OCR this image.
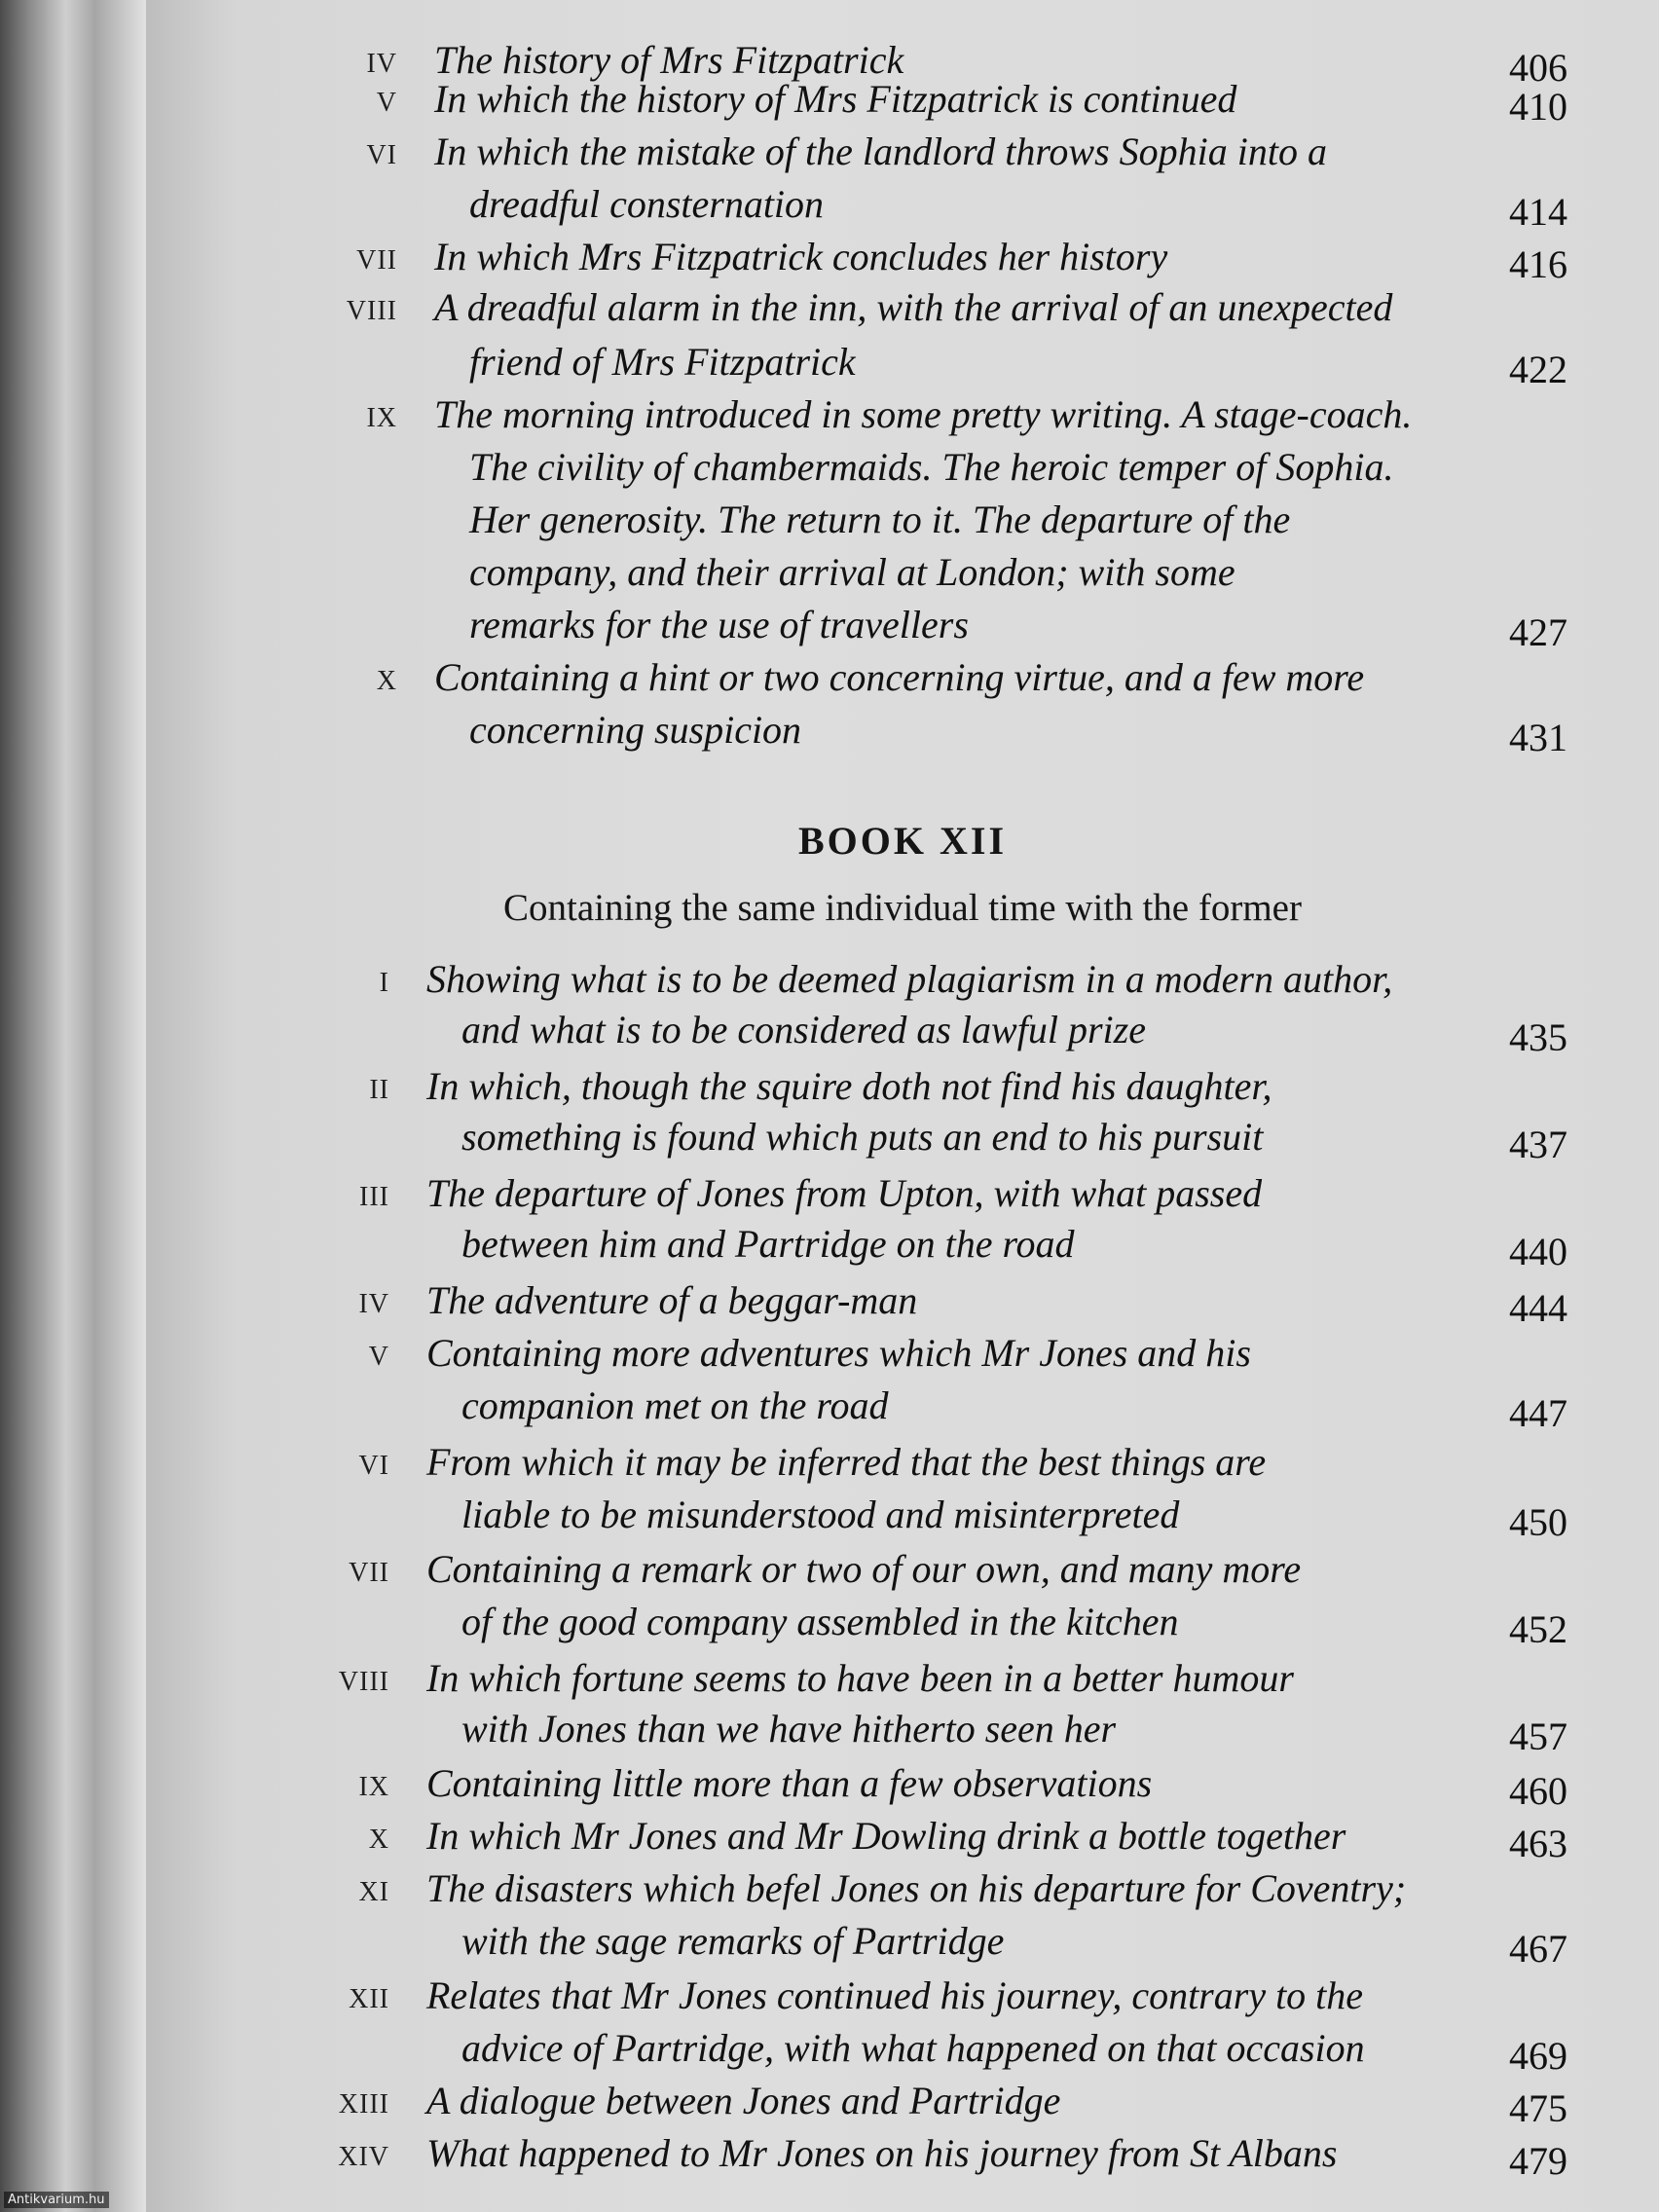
IV The history of Mrs Fitzpatrick	406
V In which the history of Mrs Fitzpatrick is continued	410
VI In which the mistake of the landlord throws Sophia into a
dreadful consternation	414
VII In which Mrs Fitzpatrick concludes her history	416
VIII A dreadful alarm in the inn, with the arrival of an unexpected
friend of Mrs Fitzpatrick	422
IX The morning introduced in some pretty writing. A stage-coach.
The civility of chambermaids. The heroic temper of Sophia.
Her generosity. The return to it. The departure of the
company, and their arrival at London; with some
remarks for the use of travellers	427
X Containing a hint or two concerning virtue, and a few more
concerning suspicion	431
I Showing what is to be deemed plagiarism in a modern author,
and what is to be considered as lawful prize	435
II In which, though the squire doth not find his daughter,
something is found which puts an end to his pursuit	437
III The departure of Jones from Upton, with what passed
between him and Partridge on the road	440
IV The adventure of a beggar-man	444
V Containing more adventures which Mr Jones and his
companion met on the road	447
VI From which it may be inferred that the best things are
liable to be misunderstood and misinterpreted	450
VII Containing a remark or two of our own, and many more
of the good company assembled in the kitchen	452
VIII In which fortune seems to have been in a better humour
with Jones than we have hitherto seen her	457
IX Containing little more than a few observations	460
X In which Mr Jones and Mr Dowling drink a bottle together	463
XI The disasters which befel Jones on his departure for Coventry;
with the sage remarks of Partridge	467
XII Relates that Mr Jones continued his journey, contrary to the
advice of Partridge, with what happened on that occasion	469
XIII A dialogue between Jones and Partridge	475
XIV What happened to Mr Jones on his journey from St Albans	479
BOOK XII
Containing the same individual time with the former
Antikvarium.hu
